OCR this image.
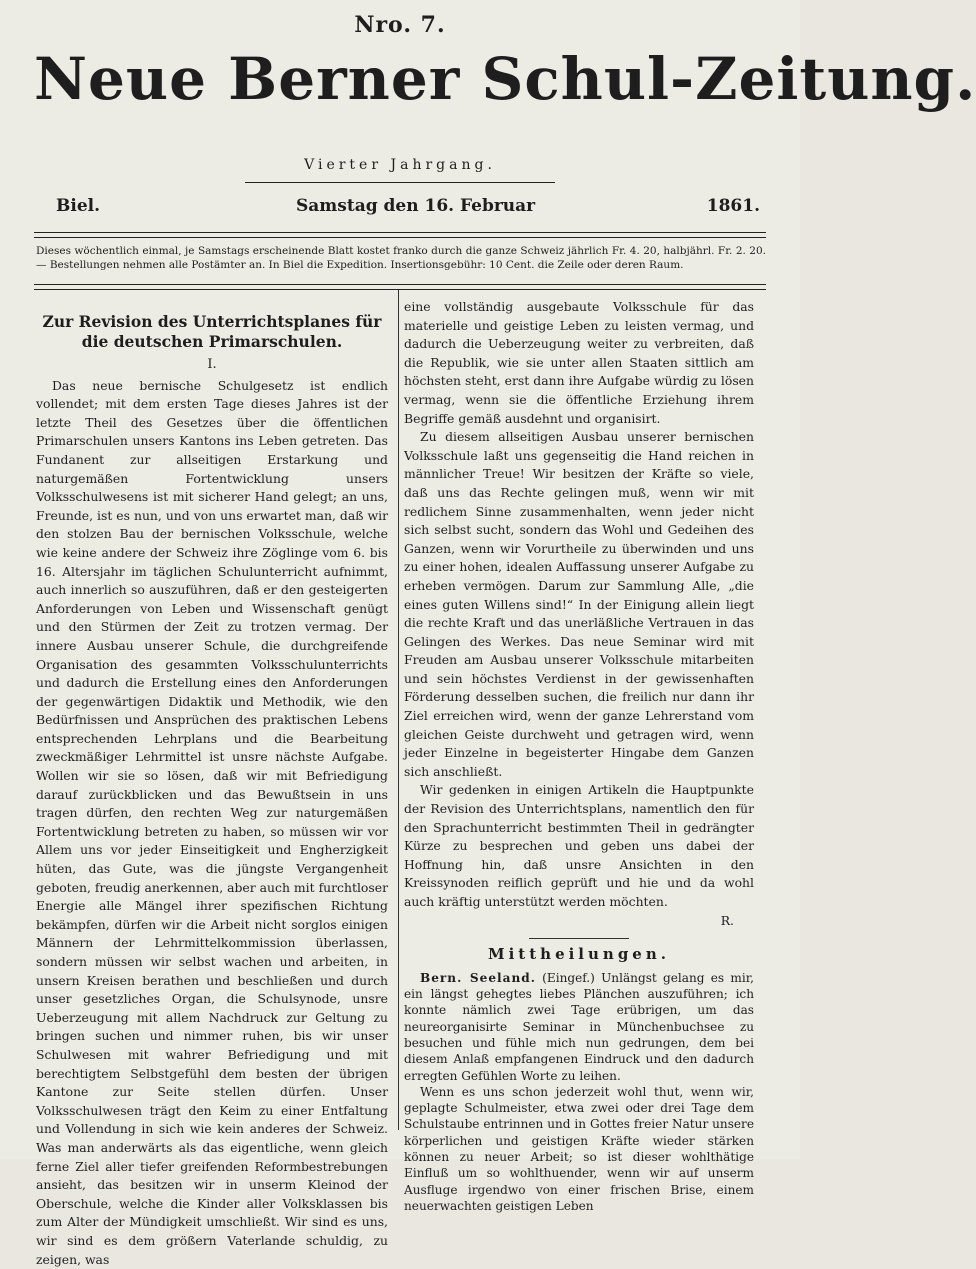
Nro. 7.
Neue Berner Schul-Zeitung.
Vierter Jahrgang.
Biel.	Samstag den 16. Februar	1861.
Dieses wöchentlich einmal, je Samstags erscheinende Blatt kostet franko durch die ganze Schweiz jährlich Fr. 4. 20, halbjährl. Fr. 2. 20. — Bestellungen nehmen alle Postämter an. In Biel die Expedition. Insertionsgebühr: 10 Cent. die Zeile oder deren Raum.
Zur Revision des Unterrichtsplanes für die deutschen Primarschulen.
I.

Das neue bernische Schulgesetz ist endlich vollendet; mit dem ersten Tage dieses Jahres ist der letzte Theil des Gesetzes über die öffentlichen Primarschulen unsers Kantons ins Leben getreten. Das Fundanent zur allseitigen Erstarkung und naturgemäßen Fortentwicklung unsers Volksschulwesens ist mit sicherer Hand gelegt; an uns, Freunde, ist es nun, und von uns erwartet man, daß wir den stolzen Bau der bernischen Volksschule, welche wie keine andere der Schweiz ihre Zöglinge vom 6. bis 16. Altersjahr im täglichen Schulunterricht aufnimmt, auch innerlich so auszuführen, daß er den gesteigerten Anforderungen von Leben und Wissenschaft genügt und den Stürmen der Zeit zu trotzen vermag. Der innere Ausbau unserer Schule, die durchgreifende Organisation des gesammten Volksschulunterrichts und dadurch die Erstellung eines den Anforderungen der gegenwärtigen Didaktik und Methodik, wie den Bedürfnissen und Ansprüchen des praktischen Lebens entsprechenden Lehrplans und die Bearbeitung zweckmäßiger Lehrmittel ist unsre nächste Aufgabe. Wollen wir sie so lösen, daß wir mit Befriedigung darauf zurückblicken und das Bewußtsein in uns tragen dürfen, den rechten Weg zur naturgemäßen Fortentwicklung betreten zu haben, so müssen wir vor Allem uns vor jeder Einseitigkeit und Engherzigkeit hüten, das Gute, was die jüngste Vergangenheit geboten, freudig anerkennen, aber auch mit furchtloser Energie alle Mängel ihrer spezifischen Richtung bekämpfen, dürfen wir die Arbeit nicht sorglos einigen Männern der Lehrmittelkommission überlassen, sondern müssen wir selbst wachen und arbeiten, in unsern Kreisen berathen und beschließen und durch unser gesetzliches Organ, die Schulsynode, unsre Ueberzeugung mit allem Nachdruck zur Geltung zu bringen suchen und nimmer ruhen, bis wir unser Schulwesen mit wahrer Befriedigung und mit berechtigtem Selbstgefühl dem besten der übrigen Kantone zur Seite stellen dürfen. Unser Volksschulwesen trägt den Keim zu einer Entfaltung und Vollendung in sich wie kein anderes der Schweiz. Was man anderwärts als das eigentliche, wenn gleich ferne Ziel aller tiefer greifenden Reformbestrebungen ansieht, das besitzen wir in unserm Kleinod der Oberschule, welche die Kinder aller Volksklassen bis zum Alter der Mündigkeit umschließt. Wir sind es uns, wir sind es dem größern Vaterlande schuldig, zu zeigen, was

eine vollständig ausgebaute Volksschule für das materielle und geistige Leben zu leisten vermag, und dadurch die Ueberzeugung weiter zu verbreiten, daß die Republik, wie sie unter allen Staaten sittlich am höchsten steht, erst dann ihre Aufgabe würdig zu lösen vermag, wenn sie die öffentliche Erziehung ihrem Begriffe gemäß ausdehnt und organisirt.

Zu diesem allseitigen Ausbau unserer bernischen Volksschule laßt uns gegenseitig die Hand reichen in männlicher Treue! Wir besitzen der Kräfte so viele, daß uns das Rechte gelingen muß, wenn wir mit redlichem Sinne zusammenhalten, wenn jeder nicht sich selbst sucht, sondern das Wohl und Gedeihen des Ganzen, wenn wir Vorurtheile zu überwinden und uns zu einer hohen, idealen Auffassung unserer Aufgabe zu erheben vermögen. Darum zur Sammlung Alle, „die eines guten Willens sind!“ In der Einigung allein liegt die rechte Kraft und das unerläßliche Vertrauen in das Gelingen des Werkes. Das neue Seminar wird mit Freuden am Ausbau unserer Volksschule mitarbeiten und sein höchstes Verdienst in der gewissenhaften Förderung desselben suchen, die freilich nur dann ihr Ziel erreichen wird, wenn der ganze Lehrerstand vom gleichen Geiste durchweht und getragen wird, wenn jeder Einzelne in begeisterter Hingabe dem Ganzen sich anschließt.

Wir gedenken in einigen Artikeln die Hauptpunkte der Revision des Unterrichtsplans, namentlich den für den Sprachunterricht bestimmten Theil in gedrängter Kürze zu besprechen und geben uns dabei der Hoffnung hin, daß unsre Ansichten in den Kreissynoden reiflich geprüft und hie und da wohl auch kräftig unterstützt werden möchten.

R.

Mittheilungen.

Bern. Seeland. (Eingef.) Unlängst gelang es mir, ein längst gehegtes liebes Plänchen auszuführen; ich konnte nämlich zwei Tage erübrigen, um das neureorganisirte Seminar in Münchenbuchsee zu besuchen und fühle mich nun gedrungen, dem bei diesem Anlaß empfangenen Eindruck und den dadurch erregten Gefühlen Worte zu leihen.

Wenn es uns schon jederzeit wohl thut, wenn wir, geplagte Schulmeister, etwa zwei oder drei Tage dem Schulstaube entrinnen und in Gottes freier Natur unsere körperlichen und geistigen Kräfte wieder stärken können zu neuer Arbeit; so ist dieser wohlthätige Einfluß um so wohlthuender, wenn wir auf unserm Ausfluge irgendwo von einer frischen Brise, einem neuerwachten geistigen Leben
